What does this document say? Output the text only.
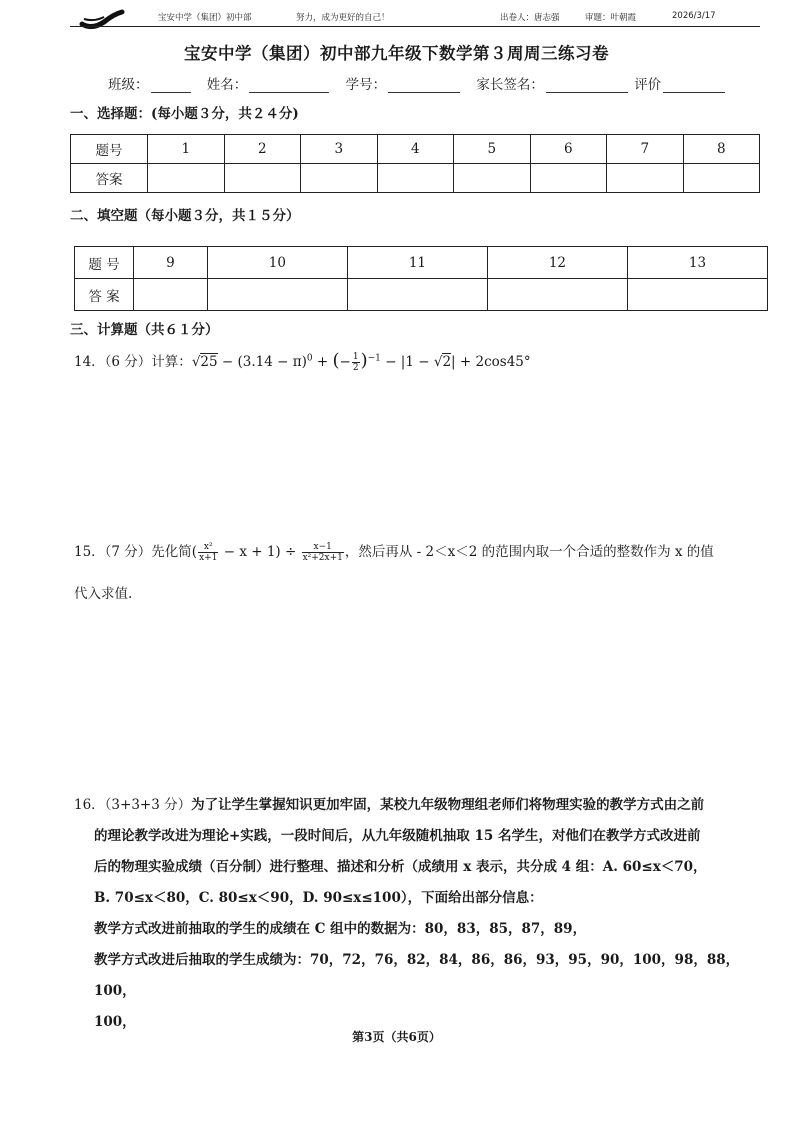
宝安中学（集团）初中部	努力，成为更好的自己！	出卷人：唐志强	审题：叶朝霞	2026/3/17
宝安中学（集团）初中部九年级下数学第３周周三练习卷
班级：	姓名：	学号：	家长签名：	评价
一、选择题：(每小题３分，共２４分)
题号	1	2	3	4	5	6	7	8
答案								
二、填空题（每小题３分，共１５分）
题 号	9	10	11	12	13
答 案					
三、计算题（共６１分）
14．（6 分）计算：$√25 - (3.14 - \pi)^0$ + (− $\frac{1}{2} )^{-1} - |1 - √2| + 2\cos 45^\circ$
15．（7 分）先化简( $\frac{\text{x²}}{x+1} - x + 1) \div \frac{x-1}{\text{x²+2x+1}}$ ，然后再从 - 2＜x＜2 的范围内取一个合适的整数作为 x 的值
代入求值.
16．（3+3+3 分）为了让学生掌握知识更加牢固，某校九年级物理组老师们将物理实验的教学方式由之前
的理论教学改进为理论+实践，一段时间后，从九年级随机抽取 15 名学生，对他们在教学方式改进前
后的物理实验成绩（百分制）进行整理、描述和分析（成绩用 x 表示，共分成 4 组：A. 60≤x＜70，
B. 70≤x＜80，C. 80≤x＜90，D. 90≤x≤100），下面给出部分信息：
教学方式改进前抽取的学生的成绩在 C 组中的数据为：80，83，85，87，89，
教学方式改进后抽取的学生成绩为：70，72，76，82，84，86，86，93，95，90，100，98，88，100，
100，
第3页（共6页）
